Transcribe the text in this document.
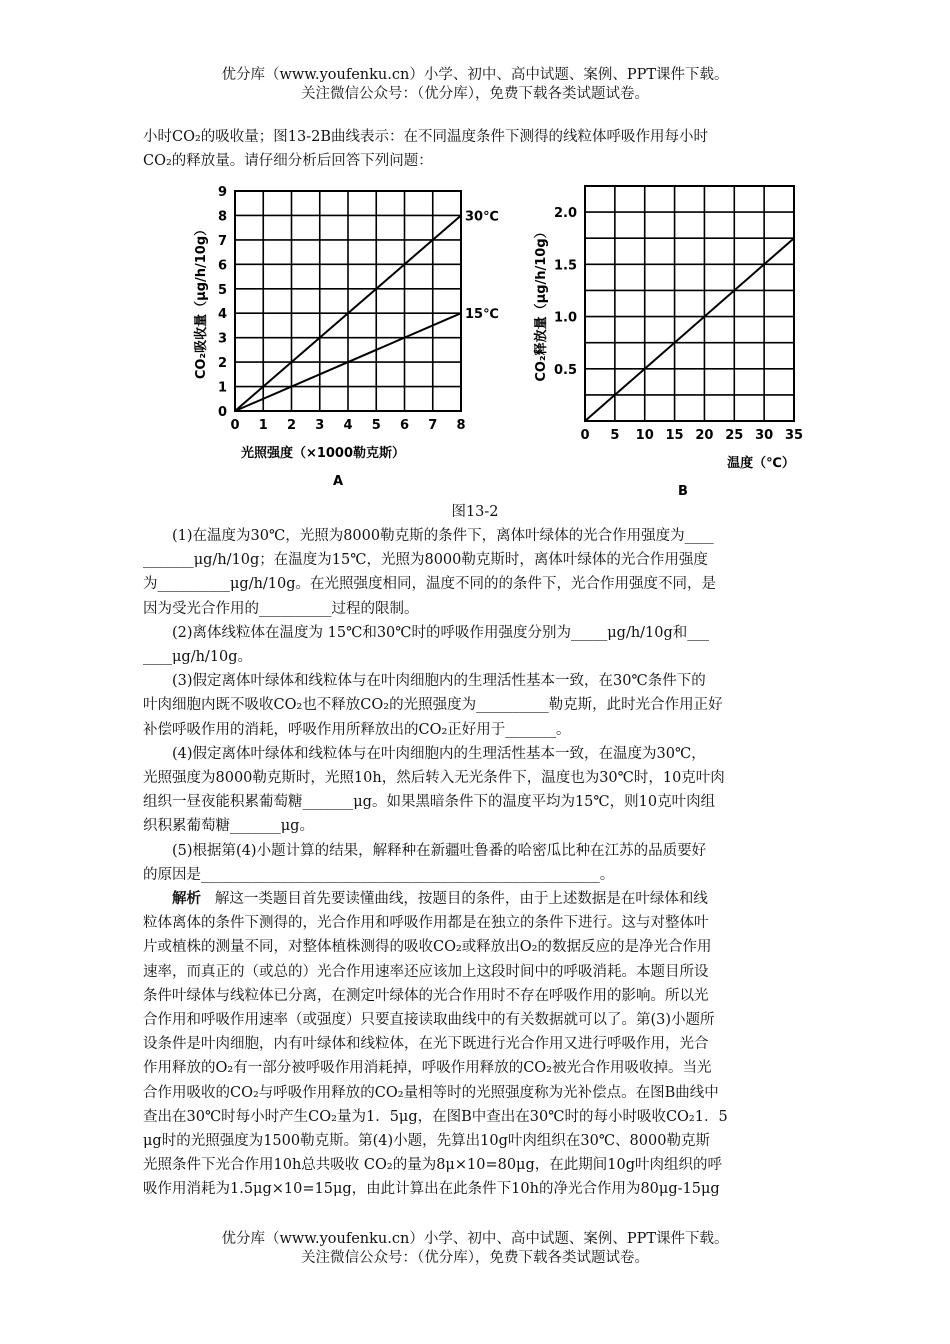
优分库（www.youfenku.cn）小学、初中、高中试题、案例、PPT课件下载。
关注微信公众号：（优分库），免费下载各类试题试卷。

小时CO₂的吸收量；图13-2B曲线表示：在不同温度条件下测得的线粒体呼吸作用每小时

CO₂的释放量。请仔细分析后回答下列问题：

0 1 2 3 4 5 6 7 8
0
1
2
3
4
5
6
7
8
9
30℃
15℃
光照强度（×1000勒克斯）
CO₂吸收量（μg/h/10g）
A
0 5 10 15 20 25 30 35
0.5
1.0
1.5
2.0
温度（℃）
CO₂释放量（μg/h/10g）
B
图13-2

(1)在温度为30℃，光照为8000勒克斯的条件下，离体叶绿体的光合作用强度为____

_______μg/h/10g；在温度为15℃，光照为8000勒克斯时，离体叶绿体的光合作用强度

为__________μg/h/10g。在光照强度相同，温度不同的的条件下，光合作用强度不同，是

因为受光合作用的__________过程的限制。

(2)离体线粒体在温度为 15℃和30℃时的呼吸作用强度分别为_____μg/h/10g和___

____μg/h/10g。

(3)假定离体叶绿体和线粒体与在叶肉细胞内的生理活性基本一致，在30℃条件下的

叶肉细胞内既不吸收CO₂也不释放CO₂的光照强度为__________勒克斯，此时光合作用正好

补偿呼吸作用的消耗，呼吸作用所释放出的CO₂正好用于_______。

(4)假定离体叶绿体和线粒体与在叶肉细胞内的生理活性基本一致，在温度为30℃，

光照强度为8000勒克斯时，光照10h，然后转入无光条件下，温度也为30℃时，10克叶肉

组织一昼夜能积累葡萄糖_______μg。如果黑暗条件下的温度平均为15℃，则10克叶肉组

织积累葡萄糖_______μg。

(5)根据第(4)小题计算的结果，解释种在新疆吐鲁番的哈密瓜比种在江苏的品质要好

的原因是_______________________________________________________。

解析 解这一类题目首先要读懂曲线，按题目的条件，由于上述数据是在叶绿体和线

粒体离体的条件下测得的，光合作用和呼吸作用都是在独立的条件下进行。这与对整体叶

片或植株的测量不同，对整体植株测得的吸收CO₂或释放出O₂的数据反应的是净光合作用

速率，而真正的（或总的）光合作用速率还应该加上这段时间中的呼吸消耗。本题目所设

条件叶绿体与线粒体已分离，在测定叶绿体的光合作用时不存在呼吸作用的影响。所以光

合作用和呼吸作用速率（或强度）只要直接读取曲线中的有关数据就可以了。第(3)小题所

设条件是叶肉细胞，内有叶绿体和线粒体，在光下既进行光合作用又进行呼吸作用，光合

作用释放的O₂有一部分被呼吸作用消耗掉，呼吸作用释放的CO₂被光合作用吸收掉。当光

合作用吸收的CO₂与呼吸作用释放的CO₂量相等时的光照强度称为光补偿点。在图B曲线中

查出在30℃时每小时产生CO₂量为1．5μg，在图B中查出在30℃时的每小时吸收CO₂1．5

μg时的光照强度为1500勒克斯。第(4)小题，先算出10g叶肉组织在30℃、8000勒克斯

光照条件下光合作用10h总共吸收 CO₂的量为8μ×10=80μg，在此期间10g叶肉组织的呼

吸作用消耗为1.5μg×10=15μg，由此计算出在此条件下10h的净光合作用为80μg-15μg

优分库（www.youfenku.cn）小学、初中、高中试题、案例、PPT课件下载。
关注微信公众号：（优分库），免费下载各类试题试卷。
